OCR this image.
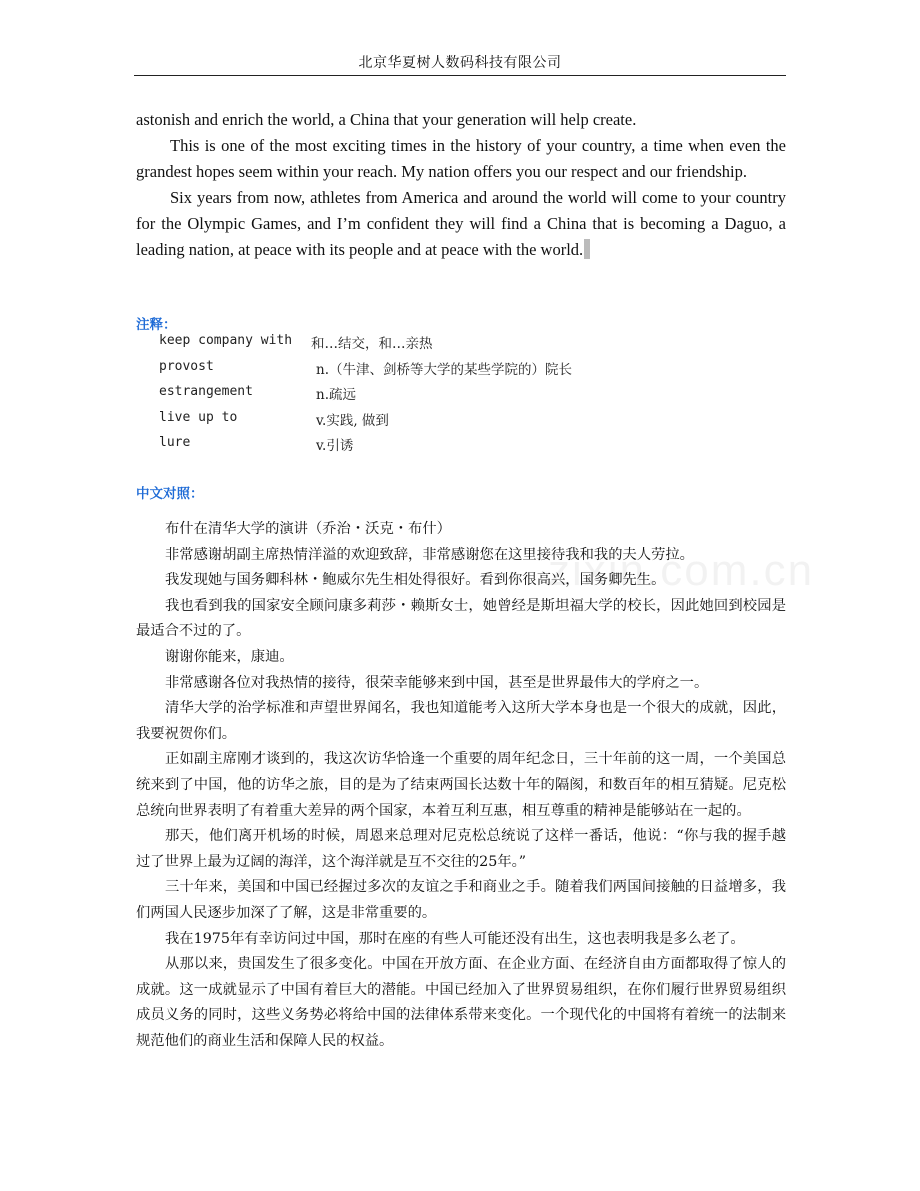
北京华夏树人数码科技有限公司

astonish and enrich the world, a China that your generation will help create.

This is one of the most exciting times in the history of your country, a time when even the grandest hopes seem within your reach. My nation offers you our respect and our friendship.

Six years from now, athletes from America and around the world will come to your country for the Olympic Games, and I’m confident they will find a China that is becoming a Daguo, a leading nation, at peace with its people and at peace with the world.

注释：
keep company with 和…结交，和…亲热
provost	n.（牛津、剑桥等大学的某些学院的）院长
estrangement	n.疏远
live up to	v.实践, 做到
lure	v.引诱
中文对照：
zixin.com.cn

布什在清华大学的演讲（乔治・沃克・布什）

非常感谢胡副主席热情洋溢的欢迎致辞，非常感谢您在这里接待我和我的夫人劳拉。

我发现她与国务卿科林・鲍威尔先生相处得很好。看到你很高兴，国务卿先生。

我也看到我的国家安全顾问康多莉莎・赖斯女士，她曾经是斯坦福大学的校长，因此她回到校园是最适合不过的了。

谢谢你能来，康迪。

非常感谢各位对我热情的接待，很荣幸能够来到中国，甚至是世界最伟大的学府之一。

清华大学的治学标准和声望世界闻名，我也知道能考入这所大学本身也是一个很大的成就，因此，我要祝贺你们。

正如副主席刚才谈到的，我这次访华恰逢一个重要的周年纪念日，三十年前的这一周，一个美国总统来到了中国，他的访华之旅，目的是为了结束两国长达数十年的隔阂，和数百年的相互猜疑。尼克松总统向世界表明了有着重大差异的两个国家，本着互利互惠，相互尊重的精神是能够站在一起的。

那天，他们离开机场的时候，周恩来总理对尼克松总统说了这样一番话，他说：“你与我的握手越过了世界上最为辽阔的海洋，这个海洋就是互不交往的25年。”

三十年来，美国和中国已经握过多次的友谊之手和商业之手。随着我们两国间接触的日益增多，我们两国人民逐步加深了了解，这是非常重要的。

我在1975年有幸访问过中国，那时在座的有些人可能还没有出生，这也表明我是多么老了。

从那以来，贵国发生了很多变化。中国在开放方面、在企业方面、在经济自由方面都取得了惊人的成就。这一成就显示了中国有着巨大的潜能。中国已经加入了世界贸易组织，在你们履行世界贸易组织成员义务的同时，这些义务势必将给中国的法律体系带来变化。一个现代化的中国将有着统一的法制来规范他们的商业生活和保障人民的权益。
